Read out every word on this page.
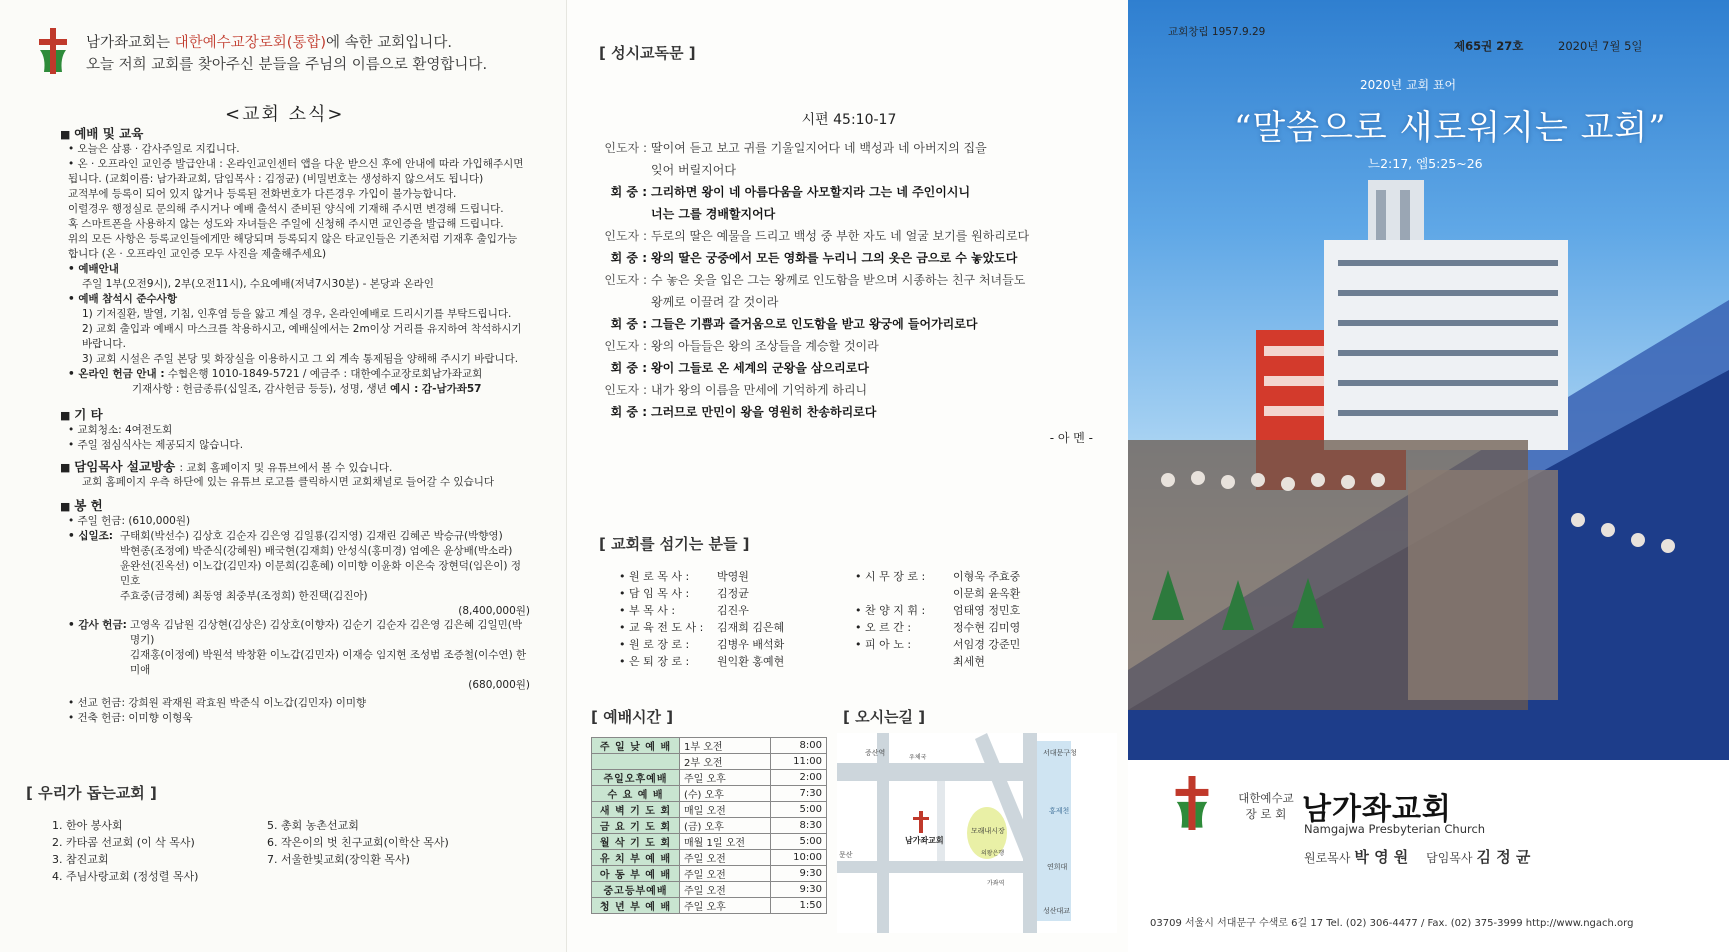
남가좌교회는 대한예수교장로회(통합)에 속한 교회입니다.
오늘 저희 교회를 찾아주신 분들을 주님의 이름으로 환영합니다.
<교회 소식>
■ 예배 및 교육
• 오늘은 삼룡 · 감사주일로 지킵니다.
• 온 · 오프라인 교인증 발급안내 : 온라인교인센터 앱을 다운 받으신 후에 안내에 따라 가입해주시면
됩니다. (교회이름: 남가좌교회, 담임목사 : 김정균) (비밀번호는 생성하지 않으셔도 됩니다)
교적부에 등록이 되어 있지 않거나 등록된 전화번호가 다른경우 가입이 불가능합니다.
이럴경우 행정실로 문의해 주시거나 예배 출석시 준비된 양식에 기재해 주시면 변경해 드립니다.
혹 스마트폰을 사용하지 않는 성도와 자녀들은 주일에 신청해 주시면 교인증을 발급해 드립니다.
위의 모든 사항은 등록교인들에게만 해당되며 등록되지 않은 타교인들은 기존처럼 기재후 출입가능
합니다 (온 · 오프라인 교인증 모두 사진을 제출해주세요)
• 예배안내
주일 1부(오전9시), 2부(오전11시), 수요예배(저녁7시30분) - 본당과 온라인
• 예배 참석시 준수사항
1) 기저질환, 발열, 기침, 인후염 등을 앓고 계실 경우, 온라인예배로 드리시기를 부탁드립니다.
2) 교회 출입과 예배시 마스크를 착용하시고, 예배실에서는 2m이상 거리를 유지하여 착석하시기
바랍니다.
3) 교회 시설은 주일 본당 및 화장실을 이용하시고 그 외 계속 통제됨을 양해해 주시기 바랍니다.
• 온라인 헌금 안내 : 수협은행 1010-1849-5721 / 예금주 : 대한예수교장로회남가좌교회
기재사항 : 헌금종류(십일조, 감사헌금 등등), 성명, 생년 예시 : 감-남가좌57
■ 기 타
• 교회청소: 4여전도회
• 주일 점심식사는 제공되지 않습니다.
■ 담임목사 설교방송 : 교회 홈페이지 및 유튜브에서 볼 수 있습니다.
교회 홈페이지 우측 하단에 있는 유튜브 로고를 클릭하시면 교회채널로 들어갈 수 있습니다
■ 봉 헌
• 주일 헌금: (610,000원)
• 십일조: 구태회(박선수) 김상호 김순자 김은영 김일룡(김지영) 김재린 김혜곤 박승규(박향영)
박현종(조정예) 박준식(강혜원) 배국현(김재희) 안성식(홍미경) 엄예은 윤상배(박소라)
윤완선(진옥선) 이노갑(김민자) 이문희(김훈혜) 이미향 이윤화 이은숙 장현덕(임은이) 정민호
주효중(금경혜) 최동영 최중부(조정희) 한진택(김진아)
(8,400,000원)
• 감사 헌금: 고영옥 김남원 김상현(김상은) 김상호(이향자) 김순기 김순자 김은영 김은혜 김일민(박명기)
김재홍(이정예) 박원석 박창환 이노갑(김민자) 이재승 임지현 조성범 조증철(이수연) 한미애
(680,000원)
• 선교 헌금: 강희원 곽재원 곽효원 박준식 이노갑(김민자) 이미향
• 건축 헌금: 이미향 이형욱
[ 우리가 돕는교회 ]
1. 한아 봉사회
2. 카타콤 선교회 (이 삭 목사)
3. 참진교회
4. 주님사랑교회 (정성렬 목사)
5. 총회 농촌선교회
6. 작은이의 벗 친구교회(이학산 목사)
7. 서울한빛교회(장익환 목사)
[ 성시교독문 ]
시편 45:10-17
인도자 : 딸이여 듣고 보고 귀를 기울일지어다 네 백성과 네 아버지의 집을
잊어 버릴지어다
회 중 : 그리하면 왕이 네 아름다움을 사모할지라 그는 네 주인이시니
너는 그를 경배할지어다
인도자 : 두로의 딸은 예물을 드리고 백성 중 부한 자도 네 얼굴 보기를 원하리로다
회 중 : 왕의 딸은 궁중에서 모든 영화를 누리니 그의 옷은 금으로 수 놓았도다
인도자 : 수 놓은 옷을 입은 그는 왕께로 인도함을 받으며 시종하는 친구 처녀들도
왕께로 이끌려 갈 것이라
회 중 : 그들은 기쁨과 즐거움으로 인도함을 받고 왕궁에 들어가리로다
인도자 : 왕의 아들들은 왕의 조상들을 계승할 것이라
회 중 : 왕이 그들로 온 세계의 군왕을 삼으리로다
인도자 : 내가 왕의 이름을 만세에 기억하게 하리니
회 중 : 그러므로 만민이 왕을 영원히 찬송하리로다
- 아 멘 -
[ 교회를 섬기는 분들 ]
• 원 로 목 사 :	박영원
• 담 임 목 사 :	김정균
• 부 목 사 :	김진우
• 교 육 전 도 사 :	김재희 김은혜
• 원 로 장 로 :	김병우 배석화
• 은 퇴 장 로 :	원익환 홍예현
• 시 무 장 로 :	이형욱 주효중
이문희 윤옥환
• 찬 양 지 휘 :	엄태영 정민호
• 오 르 간 :	정수현 김미영
• 피 아 노 :	서임경 강준민
최세현
[ 예배시간 ]
주 일 낮 예 배	1부 오전	8:00
	2부 오전	11:00
주일오후예배	주일 오후	2:00
수 요 예 배	(수) 오후	7:30
새 벽 기 도 회	매일 오전	5:00
금 요 기 도 회	(금) 오후	8:30
월 삭 기 도 회	매월 1일 오전	5:00
유 치 부 예 배	주일 오전	10:00
아 동 부 예 배	주일 오전	9:30
중고등부예배	주일 오전	9:30
청 년 부 예 배	주일 오후	1:50
[ 오시는길 ]
증산역	서대문구청
홍제천
남가좌교회
모래내시장
연희대
문산
성산대교
우체국
의왕은행
가좌역
교회창립 1957.9.29
제65권 27호	2020년 7월 5일
2020년 교회 표어
“말씀으로 새로워지는 교회”
느2:17, 엡5:25~26
대한예수교 장 로 회 남가좌교회
Namgajwa Presbyterian Church
원로목사 박 영 원 담임목사 김 정 균
03709 서울시 서대문구 수색로 6길 17 Tel. (02) 306-4477 / Fax. (02) 375-3999 http://www.ngach.org
